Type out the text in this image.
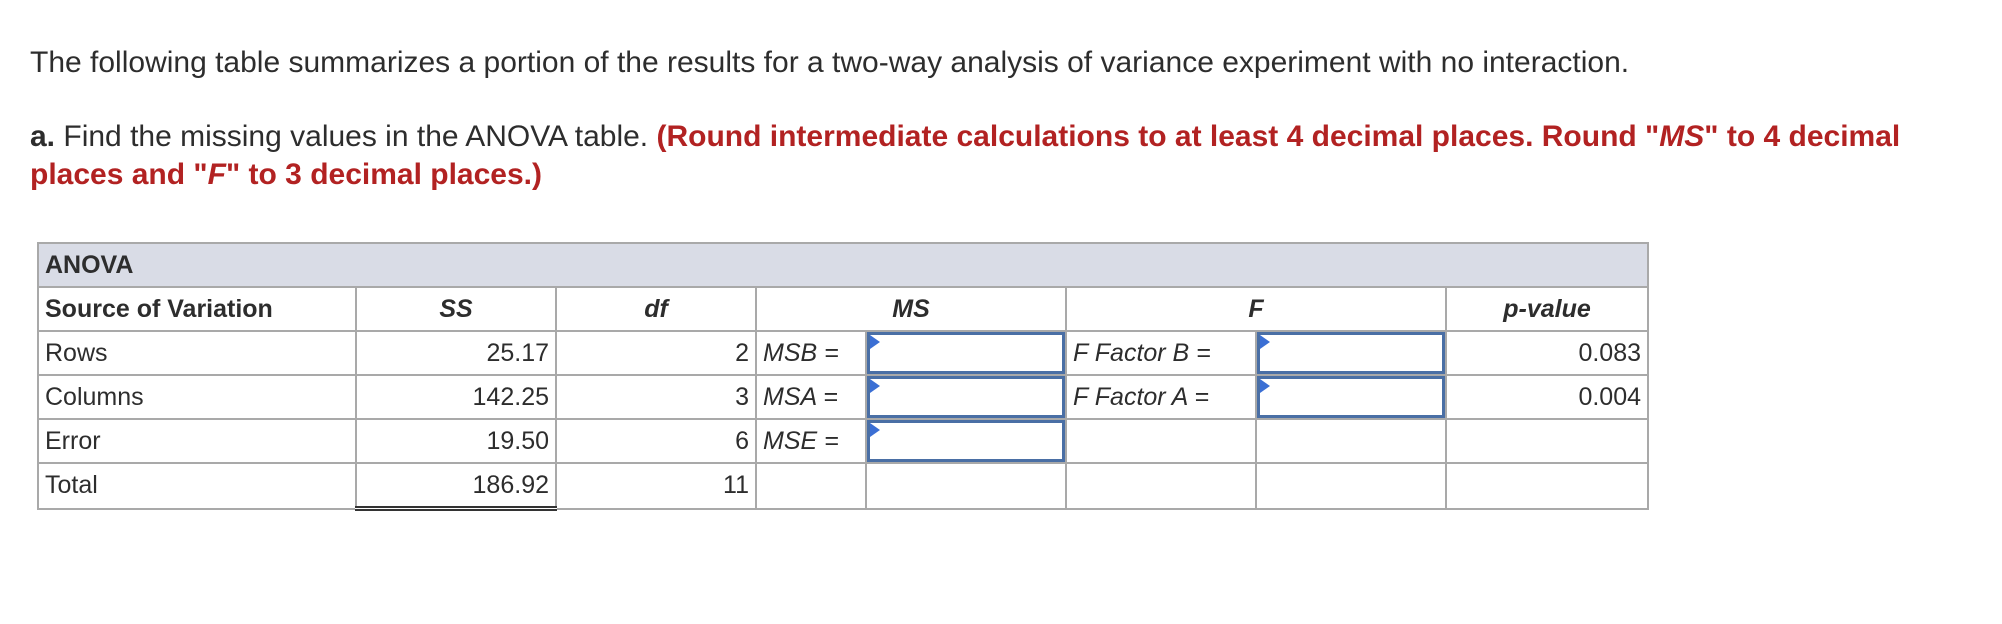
The following table summarizes a portion of the results for a two-way analysis of variance experiment with no interaction.

a. Find the missing values in the ANOVA table. (Round intermediate calculations to at least 4 decimal places. Round "MS" to 4 decimal places and "F" to 3 decimal places.)

ANOVA							
Source of Variation	SS	df	MS		F		p-value
Rows	25.17	2	MSB =		F Factor B =		0.083
Columns	142.25	3	MSA =		F Factor A =		0.004
Error	19.50	6	MSE =	

Total	186.92	11					
